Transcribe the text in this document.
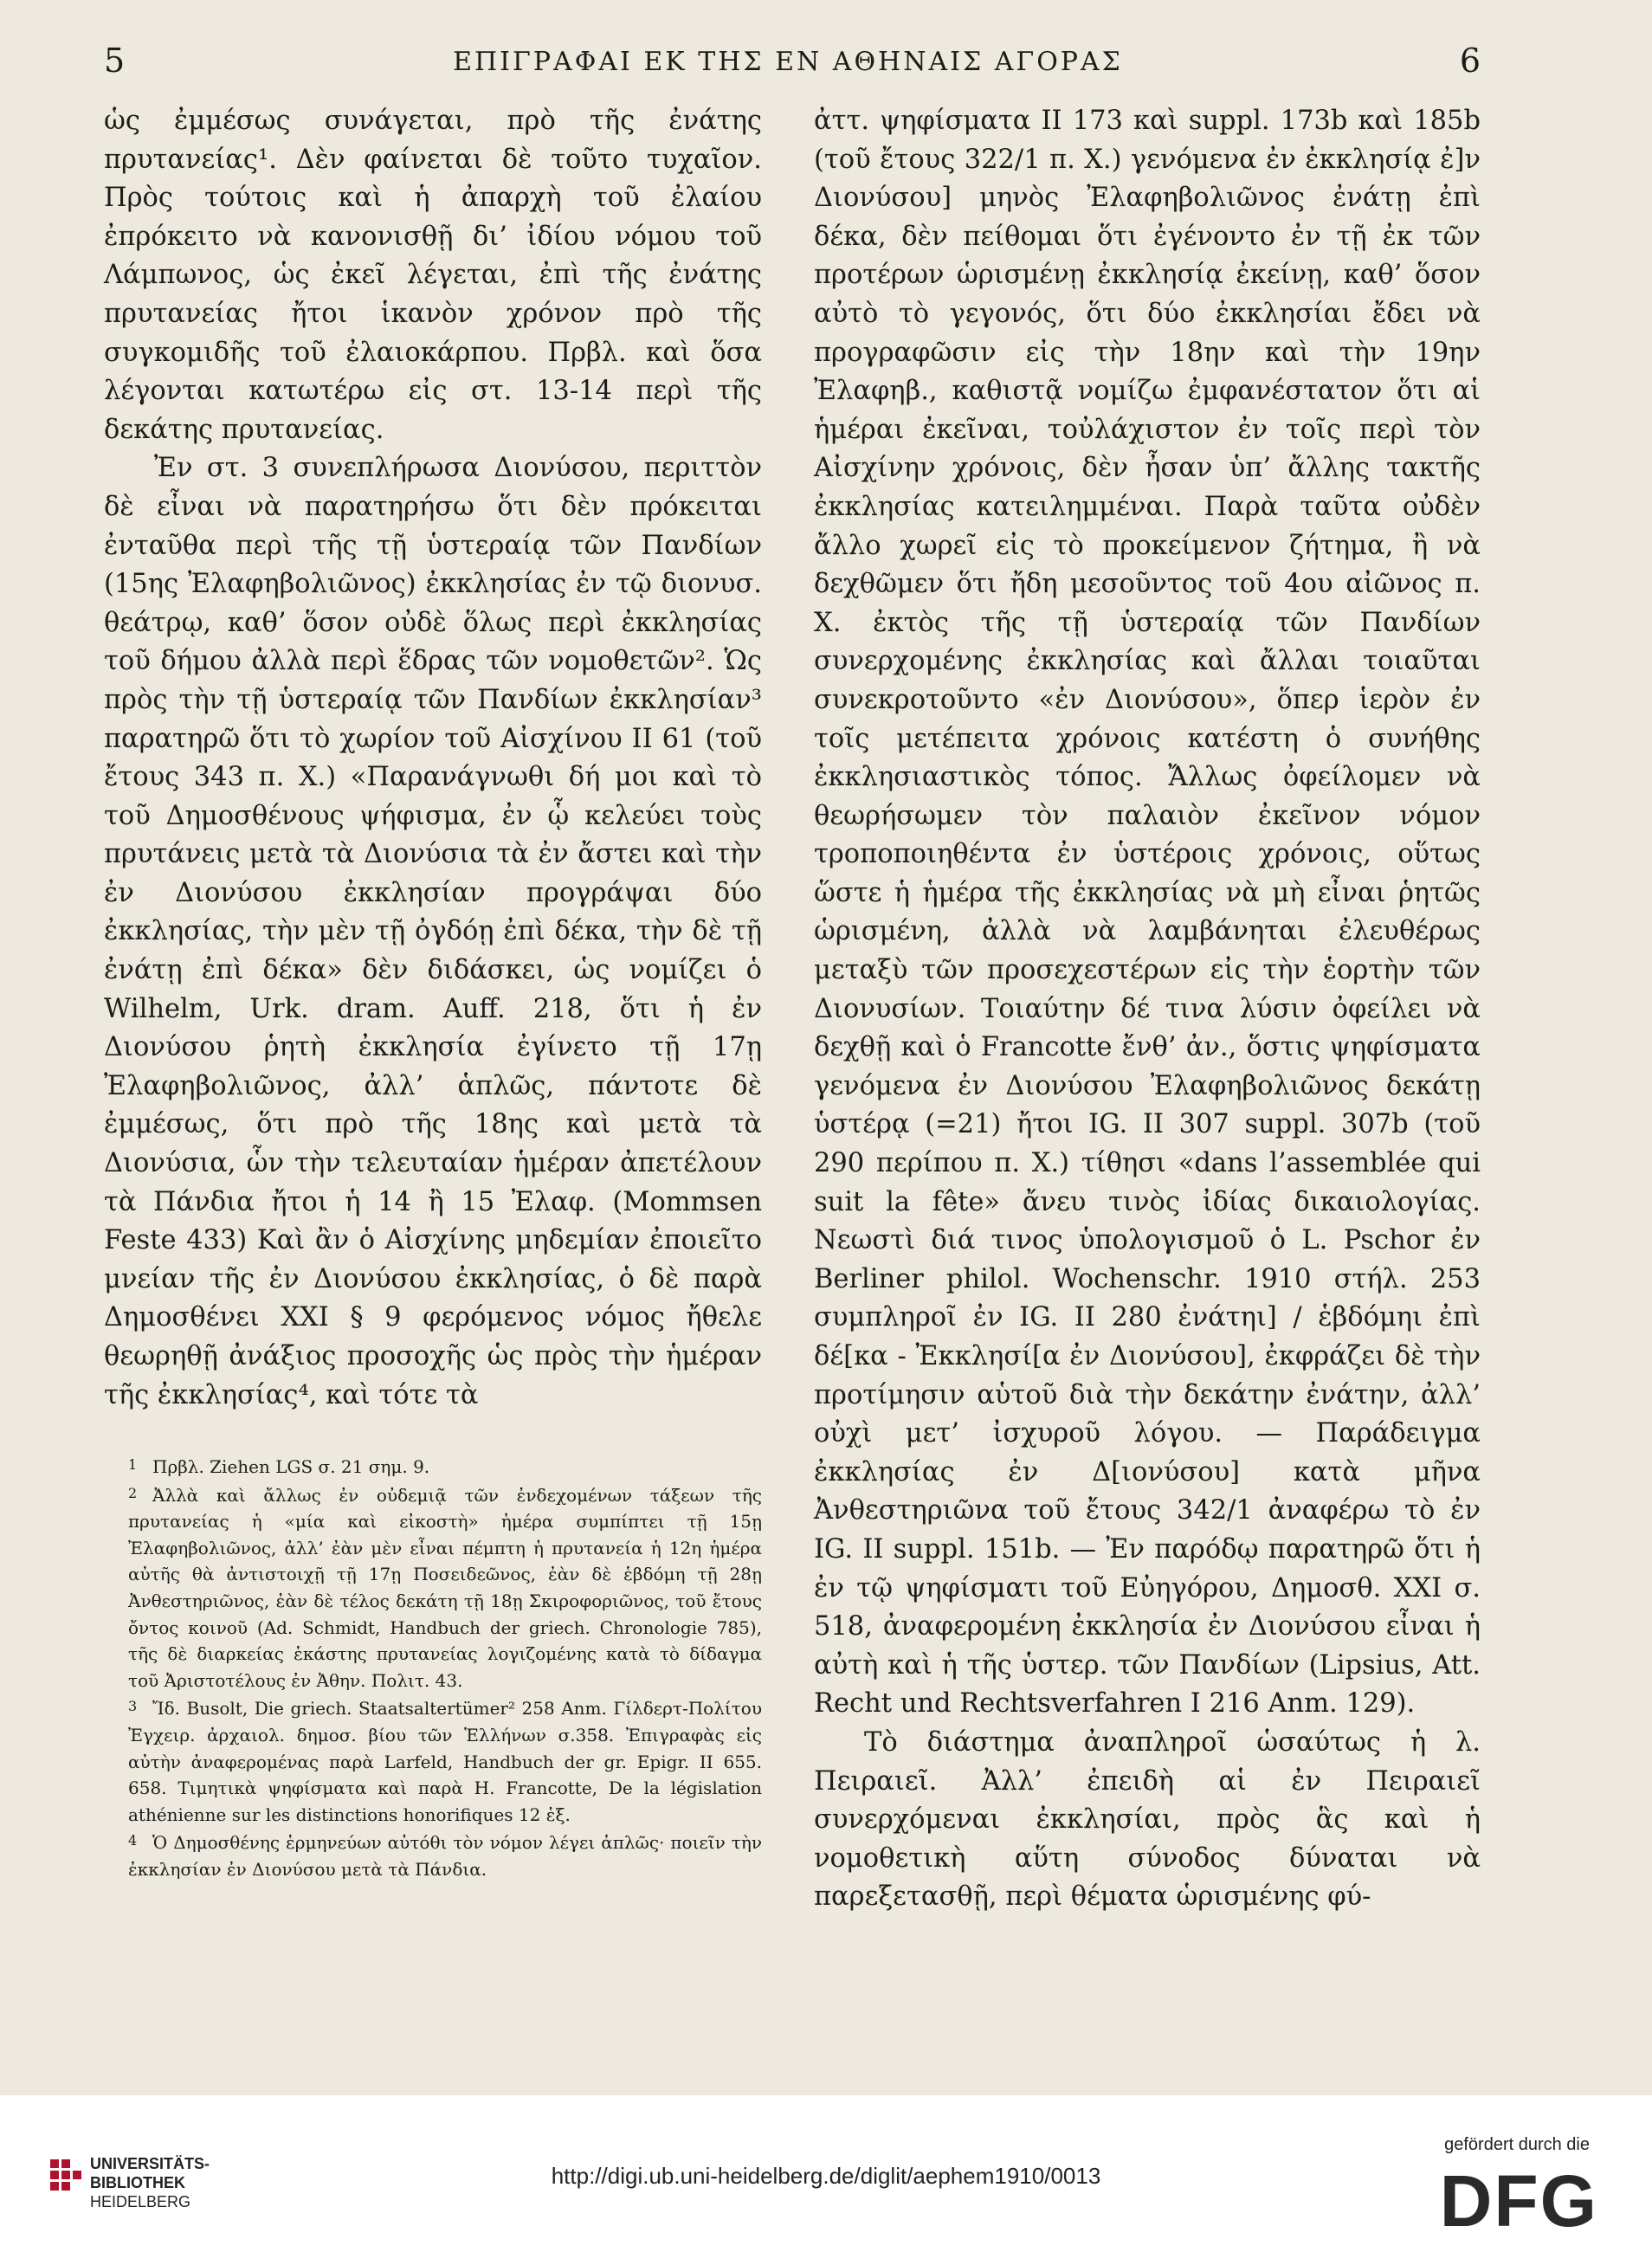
5	ΕΠΙΓΡΑΦΑΙ ΕΚ ΤΗΣ ΕΝ ΑΘΗΝΑΙΣ ΑΓΟΡΑΣ	6

ὡς ἐμμέσως συνάγεται, πρὸ τῆς ἐνάτης πρυτανείας¹. Δὲν φαίνεται δὲ τοῦτο τυχαῖον. Πρὸς τούτοις καὶ ἡ ἀπαρχὴ τοῦ ἐλαίου ἐπρόκειτο νὰ κανονισθῇ δι’ ἰδίου νόμου τοῦ Λάμπωνος, ὡς ἐκεῖ λέγεται, ἐπὶ τῆς ἐνάτης πρυτανείας ἤτοι ἱκανὸν χρόνον πρὸ τῆς συγκομιδῆς τοῦ ἐλαιοκάρπου. Πρβλ. καὶ ὅσα λέγονται κατωτέρω εἰς στ. 13-14 περὶ τῆς δεκάτης πρυτανείας.

Ἐν στ. 3 συνεπλήρωσα Διονύσου, περιττὸν δὲ εἶναι νὰ παρατηρήσω ὅτι δὲν πρόκειται ἐνταῦθα περὶ τῆς τῇ ὑστεραίᾳ τῶν Πανδίων (15ης Ἐλαφηβολιῶνος) ἐκκλησίας ἐν τῷ διονυσ. θεάτρῳ, καθ’ ὅσον οὐδὲ ὅλως περὶ ἐκκλησίας τοῦ δήμου ἀλλὰ περὶ ἕδρας τῶν νομοθετῶν². Ὡς πρὸς τὴν τῇ ὑστεραίᾳ τῶν Πανδίων ἐκκλησίαν³ παρατηρῶ ὅτι τὸ χωρίον τοῦ Αἰσχίνου II 61 (τοῦ ἔτους 343 π. Χ.) «Παρανάγνωθι δή μοι καὶ τὸ τοῦ Δημοσθένους ψήφισμα, ἐν ᾧ κελεύει τοὺς πρυτάνεις μετὰ τὰ Διονύσια τὰ ἐν ἄστει καὶ τὴν ἐν Διονύσου ἐκκλησίαν προγράψαι δύο ἐκκλησίας, τὴν μὲν τῇ ὀγδόῃ ἐπὶ δέκα, τὴν δὲ τῇ ἐνάτῃ ἐπὶ δέκα» δὲν διδάσκει, ὡς νομίζει ὁ Wilhelm, Urk. dram. Auff. 218, ὅτι ἡ ἐν Διονύσου ῥητὴ ἐκκλησία ἐγίνετο τῇ 17ῃ Ἐλαφηβολιῶνος, ἀλλ’ ἁπλῶς, πάντοτε δὲ ἐμμέσως, ὅτι πρὸ τῆς 18ης καὶ μετὰ τὰ Διονύσια, ὧν τὴν τελευταίαν ἡμέραν ἀπετέλουν τὰ Πάνδια ἤτοι ἡ 14 ἢ 15 Ἐλαφ. (Mommsen Feste 433) Καὶ ἂν ὁ Αἰσχίνης μηδεμίαν ἐποιεῖτο μνείαν τῆς ἐν Διονύσου ἐκκλησίας, ὁ δὲ παρὰ Δημοσθένει XXI § 9 φερόμενος νόμος ἤθελε θεωρηθῇ ἀνάξιος προσοχῆς ὡς πρὸς τὴν ἡμέραν τῆς ἐκκλησίας⁴, καὶ τότε τὰ

ἀττ. ψηφίσματα II 173 καὶ suppl. 173b καὶ 185b (τοῦ ἔτους 322/1 π. Χ.) γενόμενα ἐν ἐκκλησίᾳ ἐ]ν Διονύσου] μηνὸς Ἐλαφηβολιῶνος ἐνάτῃ ἐπὶ δέκα, δὲν πείθομαι ὅτι ἐγένοντο ἐν τῇ ἐκ τῶν προτέρων ὡρισμένῃ ἐκκλησίᾳ ἐκείνῃ, καθ’ ὅσον αὐτὸ τὸ γεγονός, ὅτι δύο ἐκκλησίαι ἔδει νὰ προγραφῶσιν εἰς τὴν 18ην καὶ τὴν 19ην Ἐλαφηβ., καθιστᾷ νομίζω ἐμφανέστατον ὅτι αἱ ἡμέραι ἐκεῖναι, τοὐλάχιστον ἐν τοῖς περὶ τὸν Αἰσχίνην χρόνοις, δὲν ἦσαν ὑπ’ ἄλλης τακτῆς ἐκκλησίας κατειλημμέναι. Παρὰ ταῦτα οὐδὲν ἄλλο χωρεῖ εἰς τὸ προκείμενον ζήτημα, ἢ νὰ δεχθῶμεν ὅτι ἤδη μεσοῦντος τοῦ 4ου αἰῶνος π. Χ. ἐκτὸς τῆς τῇ ὑστεραίᾳ τῶν Πανδίων συνερχομένης ἐκκλησίας καὶ ἄλλαι τοιαῦται συνεκροτοῦντο «ἐν Διονύσου», ὅπερ ἱερὸν ἐν τοῖς μετέπειτα χρόνοις κατέστη ὁ συνήθης ἐκκλησιαστικὸς τόπος. Ἄλλως ὀφείλομεν νὰ θεωρήσωμεν τὸν παλαιὸν ἐκεῖνον νόμον τροποποιηθέντα ἐν ὑστέροις χρόνοις, οὕτως ὥστε ἡ ἡμέρα τῆς ἐκκλησίας νὰ μὴ εἶναι ῥητῶς ὡρισμένη, ἀλλὰ νὰ λαμβάνηται ἐλευθέρως μεταξὺ τῶν προσεχεστέρων εἰς τὴν ἑορτὴν τῶν Διονυσίων. Τοιαύτην δέ τινα λύσιν ὀφείλει νὰ δεχθῇ καὶ ὁ Francotte ἔνθ’ ἀν., ὅστις ψηφίσματα γενόμενα ἐν Διονύσου Ἐλαφηβολιῶνος δεκάτῃ ὑστέρᾳ (=21) ἤτοι IG. II 307 suppl. 307b (τοῦ 290 περίπου π. Χ.) τίθησι «dans l’assemblée qui suit la fête» ἄνευ τινὸς ἰδίας δικαιολογίας. Νεωστὶ διά τινος ὑπολογισμοῦ ὁ L. Pschor ἐν Berliner philol. Wochenschr. 1910 στήλ. 253 συμπληροῖ ἐν IG. II 280 ἐνάτηι] / ἑβδόμηι ἐπὶ δέ[κα - Ἐκκλησί[α ἐν Διονύσου], ἐκφράζει δὲ τὴν προτίμησιν αὑτοῦ διὰ τὴν δεκάτην ἐνάτην, ἀλλ’ οὐχὶ μετ’ ἰσχυροῦ λόγου. — Παράδειγμα ἐκκλησίας ἐν Δ[ιονύσου] κατὰ μῆνα Ἀνθεστηριῶνα τοῦ ἔτους 342/1 ἀναφέρω τὸ ἐν IG. II suppl. 151b. — Ἐν παρόδῳ παρατηρῶ ὅτι ἡ ἐν τῷ ψηφίσματι τοῦ Εὐηγόρου, Δημοσθ. XXI σ. 518, ἀναφερομένη ἐκκλησία ἐν Διονύσου εἶναι ἡ αὐτὴ καὶ ἡ τῆς ὑστερ. τῶν Πανδίων (Lipsius, Att. Recht und Rechtsverfahren I 216 Anm. 129).

Τὸ διάστημα ἀναπληροῖ ὡσαύτως ἡ λ. Πειραιεῖ. Ἀλλ’ ἐπειδὴ αἱ ἐν Πειραιεῖ συνερχόμεναι ἐκκλησίαι, πρὸς ἃς καὶ ἡ νομοθετικὴ αὕτη σύνοδος δύναται νὰ παρεξετασθῇ, περὶ θέματα ὡρισμένης φύ-

1 Πρβλ. Ziehen LGS σ. 21 σημ. 9.

2 Ἀλλὰ καὶ ἄλλως ἐν οὐδεμιᾷ τῶν ἐνδεχομένων τάξεων τῆς πρυτανείας ἡ «μία καὶ εἰκοστὴ» ἡμέρα συμπίπτει τῇ 15ῃ Ἐλαφηβολιῶνος, ἀλλ’ ἐὰν μὲν εἶναι πέμπτη ἡ πρυτανεία ἡ 12η ἡμέρα αὐτῆς θὰ ἀντιστοιχῇ τῇ 17ῃ Ποσειδεῶνος, ἐὰν δὲ ἑβδόμη τῇ 28ῃ Ἀνθεστηριῶνος, ἐὰν δὲ τέλος δεκάτη τῇ 18ῃ Σκιροφοριῶνος, τοῦ ἔτους ὄντος κοινοῦ (Ad. Schmidt, Handbuch der griech. Chronologie 785), τῆς δὲ διαρκείας ἑκάστης πρυτανείας λογιζομένης κατὰ τὸ δίδαγμα τοῦ Ἀριστοτέλους ἐν Ἀθην. Πολιτ. 43.

3 Ἴδ. Busolt, Die griech. Staatsaltertümer² 258 Anm. Γίλδερτ-Πολίτου Ἐγχειρ. ἀρχαιολ. δημοσ. βίου τῶν Ἑλλήνων σ.358. Ἐπιγραφὰς εἰς αὐτὴν ἀναφερομένας παρὰ Larfeld, Handbuch der gr. Epigr. II 655. 658. Τιμητικὰ ψηφίσματα καὶ παρὰ H. Francotte, De la législation athénienne sur les distinctions honorifiques 12 ἑξ.

4 Ὁ Δημοσθένης ἑρμηνεύων αὐτόθι τὸν νόμον λέγει ἁπλῶς· ποιεῖν τὴν ἐκκλησίαν ἐν Διονύσου μετὰ τὰ Πάνδια.

UNIVERSITÄTS-
BIBLIOTHEK
HEIDELBERG
http://digi.ub.uni-heidelberg.de/diglit/aephem1910/0013
gefördert durch die
DFG
